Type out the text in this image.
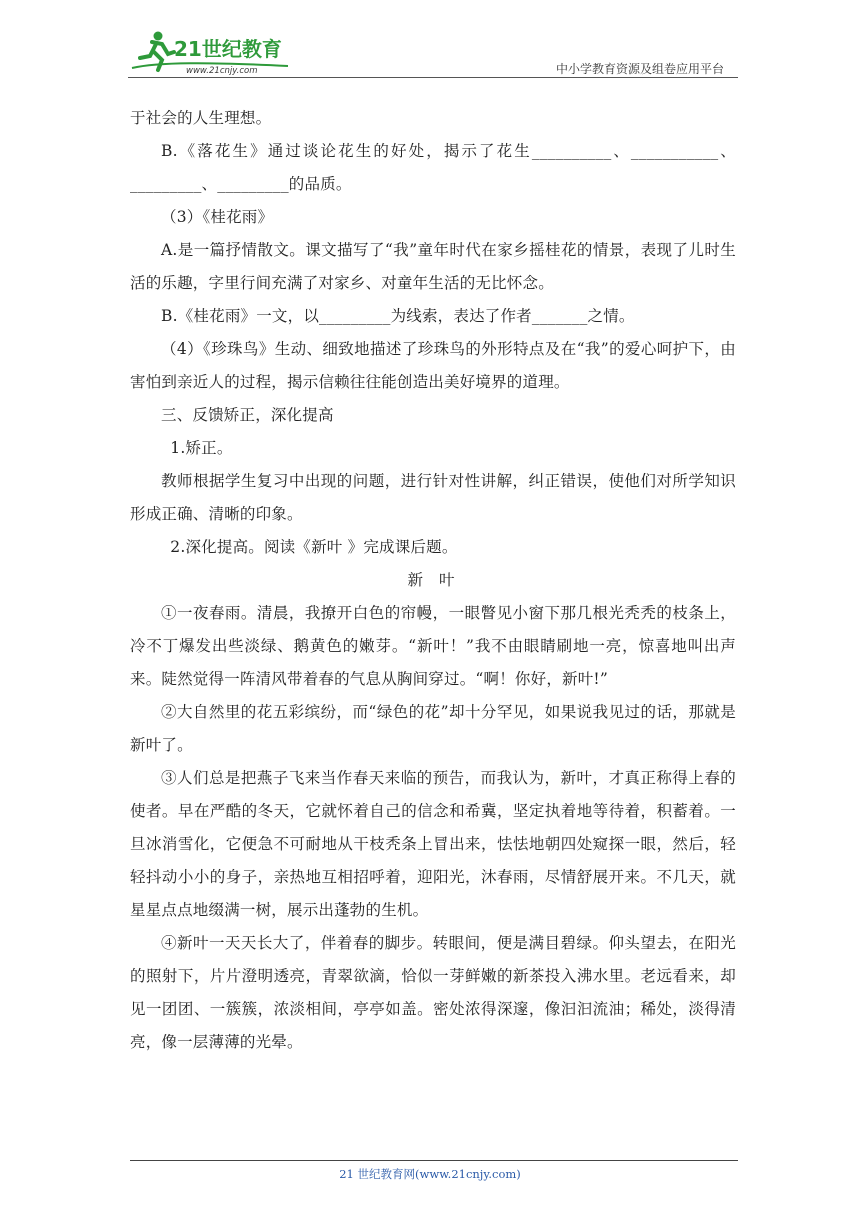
21世纪教育
www.21cnjy.com	中小学教育资源及组卷应用平台

于社会的人生理想。

B.《落花生》通过谈论花生的好处，揭示了花生__________、___________、_________、_________的品质。

（3）《桂花雨》

A.是一篇抒情散文。课文描写了“我”童年时代在家乡摇桂花的情景，表现了儿时生活的乐趣，字里行间充满了对家乡、对童年生活的无比怀念。

B.《桂花雨》一文，以_________为线索，表达了作者_______之情。

（4）《珍珠鸟》生动、细致地描述了珍珠鸟的外形特点及在“我”的爱心呵护下，由害怕到亲近人的过程，揭示信赖往往能创造出美好境界的道理。

三、反馈矫正，深化提高

1.矫正。

教师根据学生复习中出现的问题，进行针对性讲解，纠正错误，使他们对所学知识形成正确、清晰的印象。

2.深化提高。阅读《新叶 》完成课后题。

新叶

①一夜春雨。清晨，我撩开白色的帘幔，一眼瞥见小窗下那几根光秃秃的枝条上，冷不丁爆发出些淡绿、鹅黄色的嫩芽。“新叶！”我不由眼睛刷地一亮，惊喜地叫出声来。陡然觉得一阵清风带着春的气息从胸间穿过。“啊！你好，新叶!”

②大自然里的花五彩缤纷，而“绿色的花”却十分罕见，如果说我见过的话，那就是新叶了。

③人们总是把燕子飞来当作春天来临的预告，而我认为，新叶，才真正称得上春的使者。早在严酷的冬天，它就怀着自己的信念和希冀，坚定执着地等待着，积蓄着。一旦冰消雪化，它便急不可耐地从干枝秃条上冒出来，怯怯地朝四处窥探一眼，然后，轻轻抖动小小的身子，亲热地互相招呼着，迎阳光，沐春雨，尽情舒展开来。不几天，就星星点点地缀满一树，展示出蓬勃的生机。

④新叶一天天长大了，伴着春的脚步。转眼间，便是满目碧绿。仰头望去，在阳光的照射下，片片澄明透亮，青翠欲滴，恰似一芽鲜嫩的新茶投入沸水里。老远看来，却见一团团、一簇簇，浓淡相间，亭亭如盖。密处浓得深邃，像汩汩流油；稀处，淡得清亮，像一层薄薄的光晕。

21 世纪教育网(www.21cnjy.com)
